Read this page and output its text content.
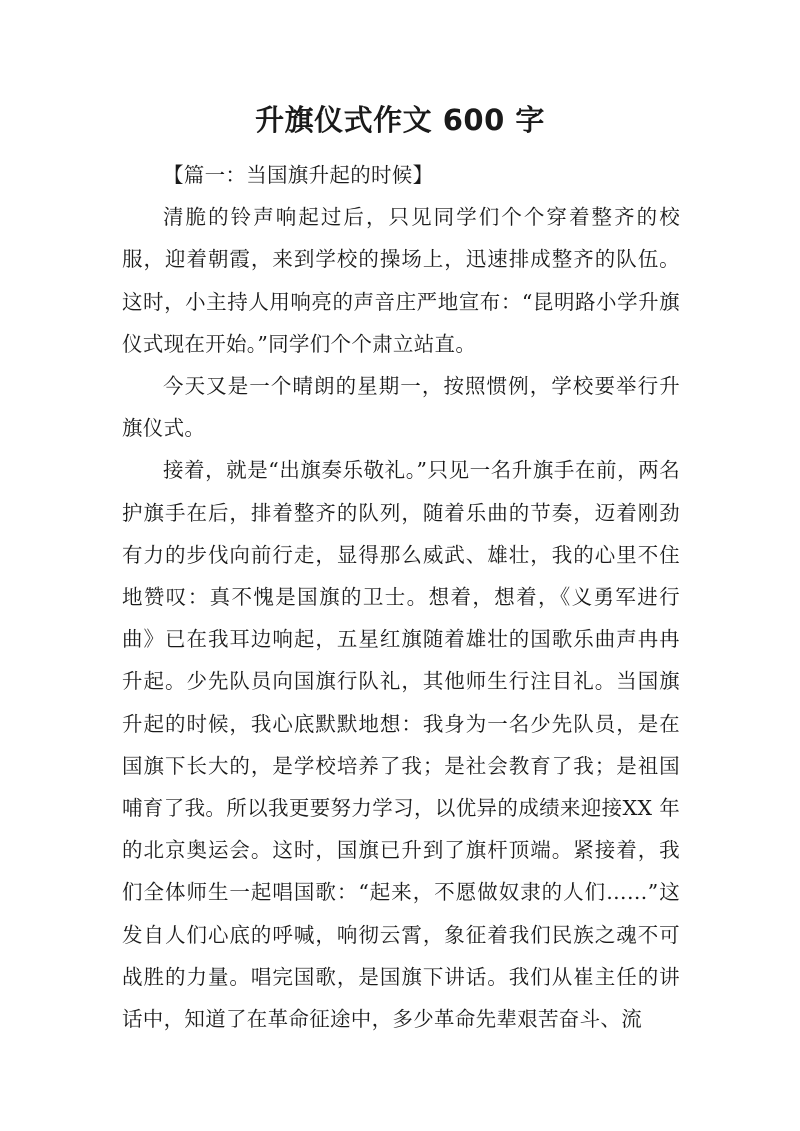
升旗仪式作文 600 字

【篇一：当国旗升起的时候】

清脆的铃声响起过后，只见同学们个个穿着整齐的校服，迎着朝霞，来到学校的操场上，迅速排成整齐的队伍。这时，小主持人用响亮的声音庄严地宣布：“昆明路小学升旗仪式现在开始。”同学们个个肃立站直。

今天又是一个晴朗的星期一，按照惯例，学校要举行升旗仪式。

接着，就是“出旗奏乐敬礼。”只见一名升旗手在前，两名护旗手在后，排着整齐的队列，随着乐曲的节奏，迈着刚劲有力的步伐向前行走，显得那么威武、雄壮，我的心里不住地赞叹：真不愧是国旗的卫士。想着，想着，《义勇军进行曲》已在我耳边响起，五星红旗随着雄壮的国歌乐曲声冉冉升起。少先队员向国旗行队礼，其他师生行注目礼。当国旗升起的时候，我心底默默地想：我身为一名少先队员，是在国旗下长大的，是学校培养了我；是社会教育了我；是祖国哺育了我。所以我更要努力学习，以优异的成绩来迎接XX 年的北京奥运会。这时，国旗已升到了旗杆顶端。紧接着，我们全体师生一起唱国歌：“起来，不愿做奴隶的人们……”这发自人们心底的呼喊，响彻云霄，象征着我们民族之魂不可战胜的力量。唱完国歌，是国旗下讲话。我们从崔主任的讲话中，知道了在革命征途中，多少革命先辈艰苦奋斗、流
